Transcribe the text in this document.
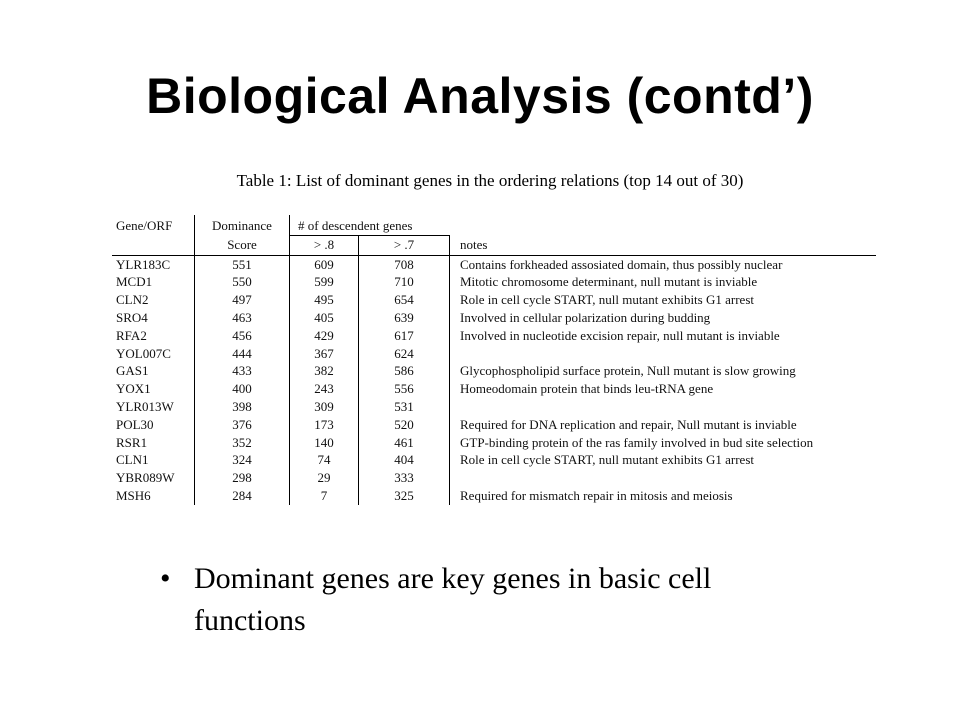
Biological Analysis (contd’)
Table 1: List of dominant genes in the ordering relations (top 14 out of 30)
Gene/ORF	Dominance	# of descendent genes		
	Score	> .8	> .7	notes
YLR183C	551	609	708	Contains forkheaded assosiated domain, thus possibly nuclear
MCD1	550	599	710	Mitotic chromosome determinant, null mutant is inviable
CLN2	497	495	654	Role in cell cycle START, null mutant exhibits G1 arrest
SRO4	463	405	639	Involved in cellular polarization during budding
RFA2	456	429	617	Involved in nucleotide excision repair, null mutant is inviable
YOL007C	444	367	624	
GAS1	433	382	586	Glycophospholipid surface protein, Null mutant is slow growing
YOX1	400	243	556	Homeodomain protein that binds leu-tRNA gene
YLR013W	398	309	531	
POL30	376	173	520	Required for DNA replication and repair, Null mutant is inviable
RSR1	352	140	461	GTP-binding protein of the ras family involved in bud site selection
CLN1	324	74	404	Role in cell cycle START, null mutant exhibits G1 arrest
YBR089W	298	29	333	
MSH6	284	7	325	Required for mismatch repair in mitosis and meiosis
• Dominant genes are key genes in basic cell functions
